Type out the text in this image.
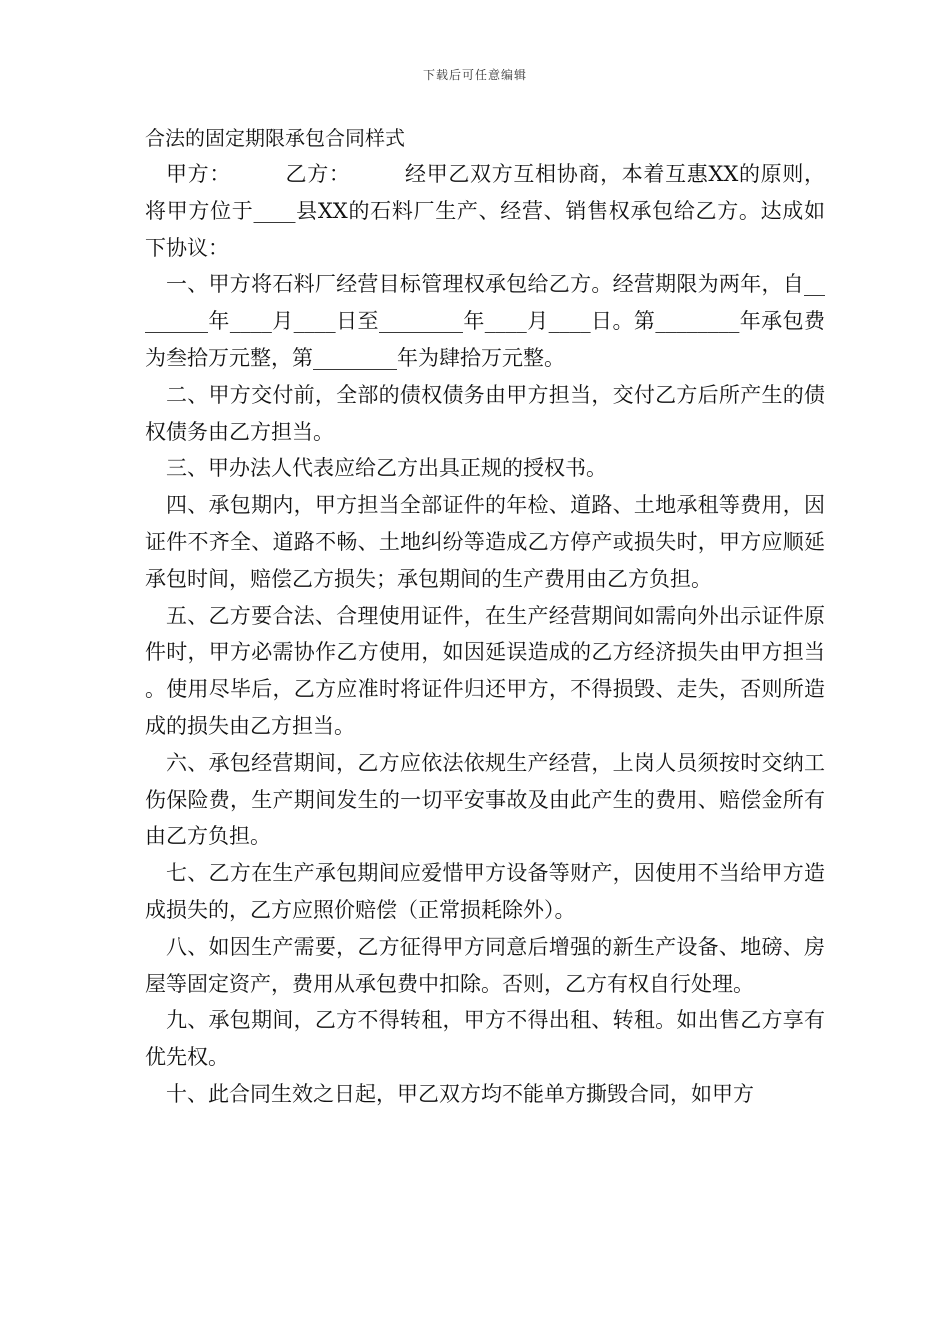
下载后可任意编辑
合法的固定期限承包合同样式

甲方：　　　乙方：　　　经甲乙双方互相协商，本着互惠XX的原则，将甲方位于____县XX的石料厂生产、经营、销售权承包给乙方。达成如下协议：

一、甲方将石料厂经营目标管理权承包给乙方。经营期限为两年，自________年____月____日至________年____月____日。第________年承包费为叁拾万元整，第________年为肆拾万元整。

二、甲方交付前，全部的债权债务由甲方担当，交付乙方后所产生的债权债务由乙方担当。

三、甲办法人代表应给乙方出具正规的授权书。

四、承包期内，甲方担当全部证件的年检、道路、土地承租等费用，因证件不齐全、道路不畅、土地纠纷等造成乙方停产或损失时，甲方应顺延承包时间，赔偿乙方损失；承包期间的生产费用由乙方负担。

五、乙方要合法、合理使用证件，在生产经营期间如需向外出示证件原件时，甲方必需协作乙方使用，如因延误造成的乙方经济损失由甲方担当。使用尽毕后，乙方应准时将证件归还甲方，不得损毁、走失，否则所造成的损失由乙方担当。

六、承包经营期间，乙方应依法依规生产经营，上岗人员须按时交纳工伤保险费，生产期间发生的一切平安事故及由此产生的费用、赔偿金所有由乙方负担。

七、乙方在生产承包期间应爱惜甲方设备等财产，因使用不当给甲方造成损失的，乙方应照价赔偿（正常损耗除外）。

八、如因生产需要，乙方征得甲方同意后增强的新生产设备、地磅、房屋等固定资产，费用从承包费中扣除。否则，乙方有权自行处理。

九、承包期间，乙方不得转租，甲方不得出租、转租。如出售乙方享有优先权。

十、此合同生效之日起，甲乙双方均不能单方撕毁合同，如甲方
